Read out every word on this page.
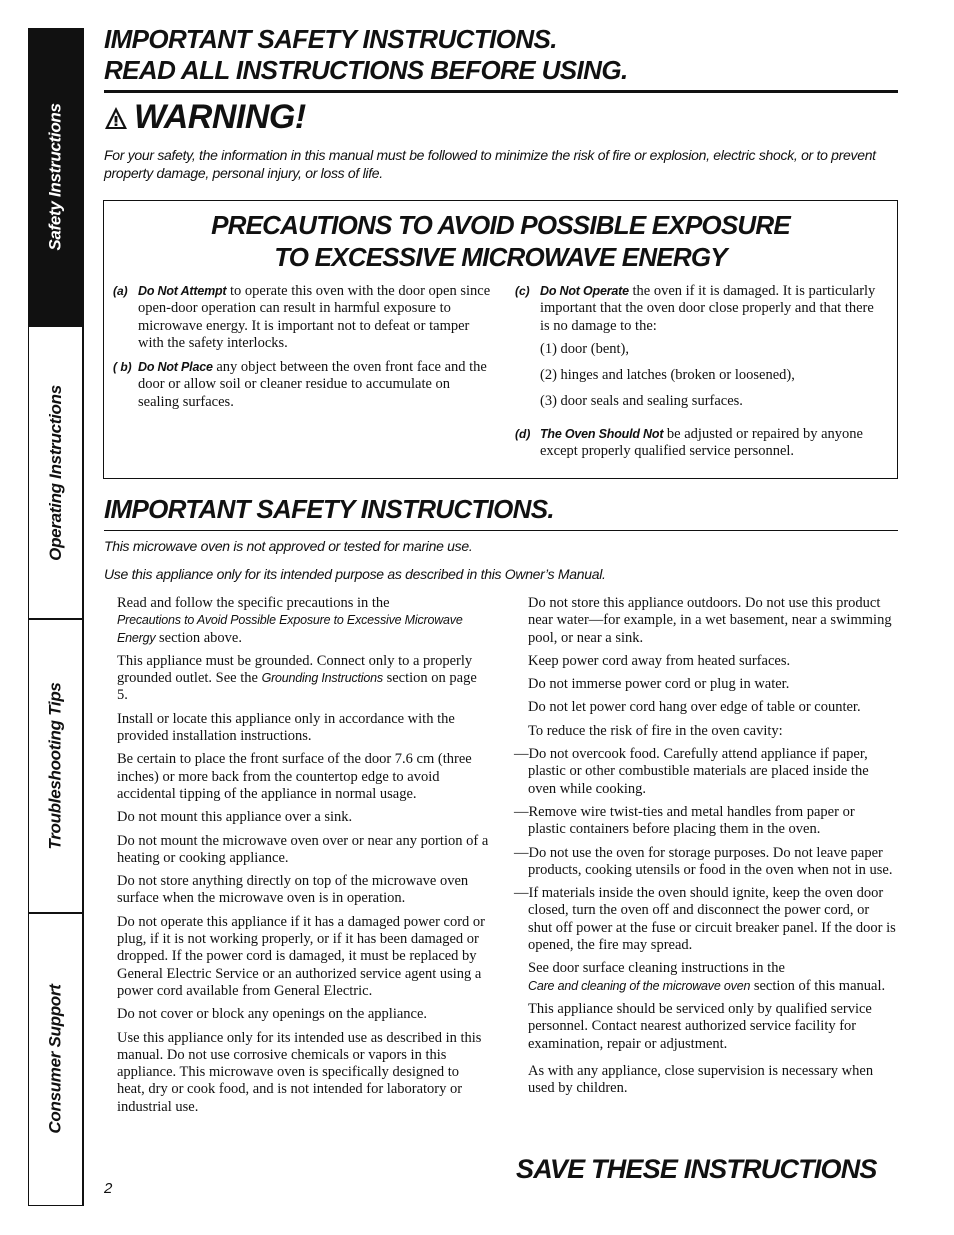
Safety Instructions
Operating Instructions
Troubleshooting Tips
Consumer Support
IMPORTANT SAFETY INSTRUCTIONS.
READ ALL INSTRUCTIONS BEFORE USING.
WARNING!
For your safety, the information in this manual must be followed to minimize the risk of fire or explosion, electric shock, or to prevent property damage, personal injury, or loss of life.
PRECAUTIONS TO AVOID POSSIBLE EXPOSURE
TO EXCESSIVE MICROWAVE ENERGY
(a) Do Not Attempt to operate this oven with the door open since open-door operation can result in harmful exposure to microwave energy. It is important not to defeat or tamper with the safety interlocks.
( b) Do Not Place any object between the oven front face and the door or allow soil or cleaner residue to accumulate on sealing surfaces.
(c) Do Not Operate the oven if it is damaged. It is particularly important that the oven door close properly and that there is no damage to the:
(1) door (bent),
(2) hinges and latches (broken or loosened),
(3) door seals and sealing surfaces.
(d) The Oven Should Not be adjusted or repaired by anyone except properly qualified service personnel.
IMPORTANT SAFETY INSTRUCTIONS.
This microwave oven is not approved or tested for marine use.
Use this appliance only for its intended purpose as described in this Owner’s Manual.

Read and follow the specific precautions in the
Precautions to Avoid Possible Exposure to Excessive Microwave Energy section above.

This appliance must be grounded. Connect only to a properly grounded outlet. See the Grounding Instructions section on page 5.

Install or locate this appliance only in accordance with the provided installation instructions.

Be certain to place the front surface of the door 7.6 cm (three inches) or more back from the countertop edge to avoid accidental tipping of the appliance in normal usage.

Do not mount this appliance over a sink.

Do not mount the microwave oven over or near any portion of a heating or cooking appliance.

Do not store anything directly on top of the microwave oven surface when the microwave oven is in operation.

Do not operate this appliance if it has a damaged power cord or plug, if it is not working properly, or if it has been damaged or dropped. If the power cord is damaged, it must be replaced by General Electric Service or an authorized service agent using a power cord available from General Electric.

Do not cover or block any openings on the appliance.

Use this appliance only for its intended use as described in this manual. Do not use corrosive chemicals or vapors in this appliance. This microwave oven is specifically designed to heat, dry or cook food, and is not intended for laboratory or industrial use.

Do not store this appliance outdoors. Do not use this product near water—for example, in a wet basement, near a swimming pool, or near a sink.

Keep power cord away from heated surfaces.

Do not immerse power cord or plug in water.

Do not let power cord hang over edge of table or counter.

To reduce the risk of fire in the oven cavity:

—Do not overcook food. Carefully attend appliance if paper, plastic or other combustible materials are placed inside the oven while cooking.

—Remove wire twist-ties and metal handles from paper or plastic containers before placing them in the oven.

—Do not use the oven for storage purposes. Do not leave paper products, cooking utensils or food in the oven when not in use.

—If materials inside the oven should ignite, keep the oven door closed, turn the oven off and disconnect the power cord, or shut off power at the fuse or circuit breaker panel. If the door is opened, the fire may spread.

See door surface cleaning instructions in the
Care and cleaning of the microwave oven section of this manual.

This appliance should be serviced only by qualified service personnel. Contact nearest authorized service facility for examination, repair or adjustment.

As with any appliance, close supervision is necessary when used by children.

SAVE THESE INSTRUCTIONS
2
